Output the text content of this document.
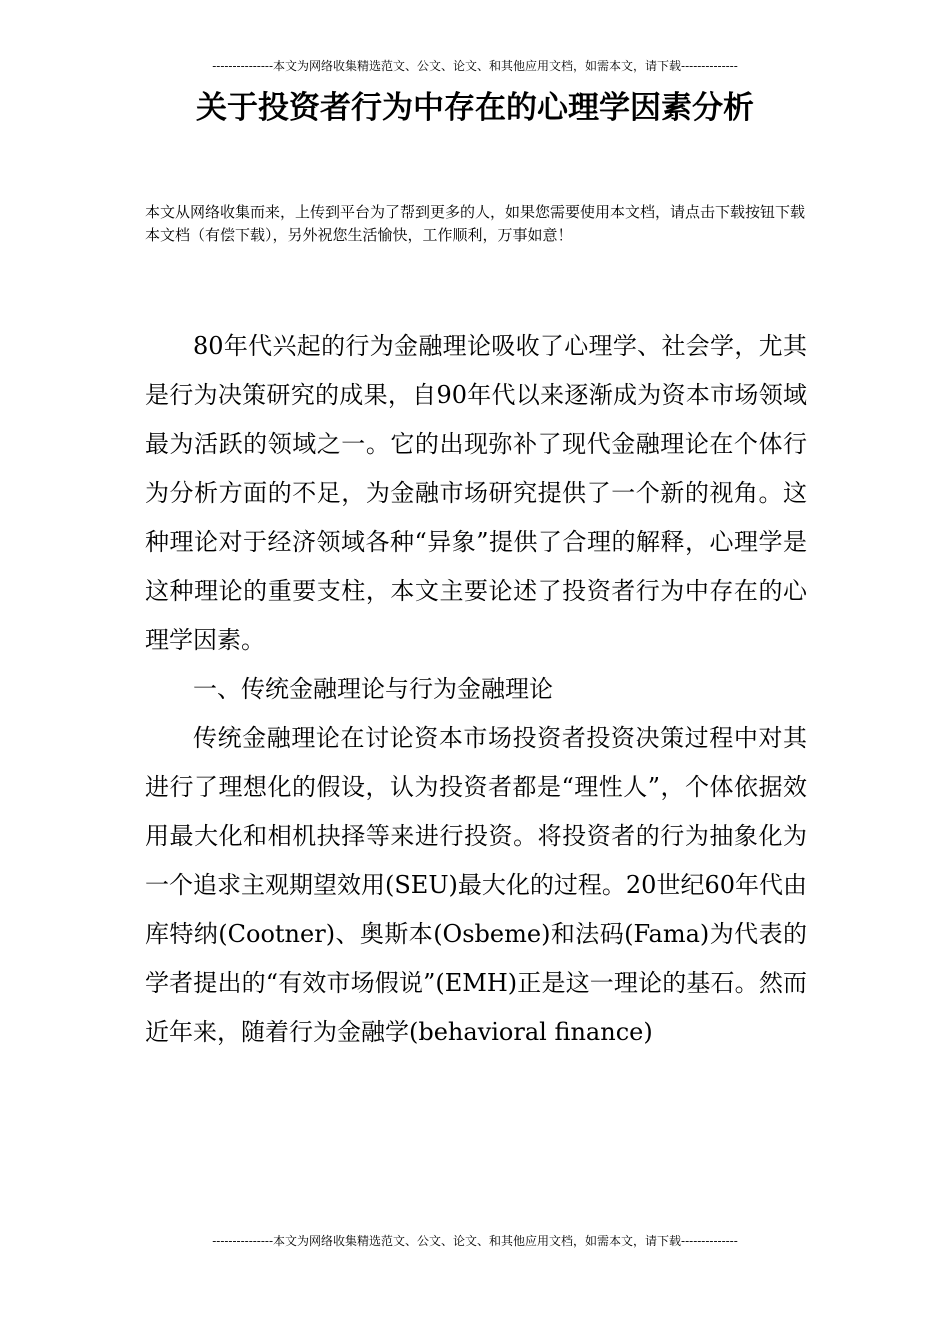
---------------本文为网络收集精选范文、公文、论文、和其他应用文档，如需本文，请下载--------------
关于投资者行为中存在的心理学因素分析

本文从网络收集而来，上传到平台为了帮到更多的人，如果您需要使用本文档，请点击下载按钮下载本文档（有偿下载），另外祝您生活愉快，工作顺利，万事如意！

80年代兴起的行为金融理论吸收了心理学、社会学，尤其是行为决策研究的成果，自90年代以来逐渐成为资本市场领域最为活跃的领域之一。它的出现弥补了现代金融理论在个体行为分析方面的不足，为金融市场研究提供了一个新的视角。这种理论对于经济领域各种“异象”提供了合理的解释，心理学是这种理论的重要支柱，本文主要论述了投资者行为中存在的心理学因素。

一、传统金融理论与行为金融理论

传统金融理论在讨论资本市场投资者投资决策过程中对其进行了理想化的假设，认为投资者都是“理性人”，个体依据效用最大化和相机抉择等来进行投资。将投资者的行为抽象化为一个追求主观期望效用(SEU)最大化的过程。20世纪60年代由库特纳(Cootner)、奥斯本(Osbeme)和法码(Fama)为代表的学者提出的“有效市场假说”(EMH)正是这一理论的基石。然而近年来，随着行为金融学(behavioral finance)

---------------本文为网络收集精选范文、公文、论文、和其他应用文档，如需本文，请下载--------------
